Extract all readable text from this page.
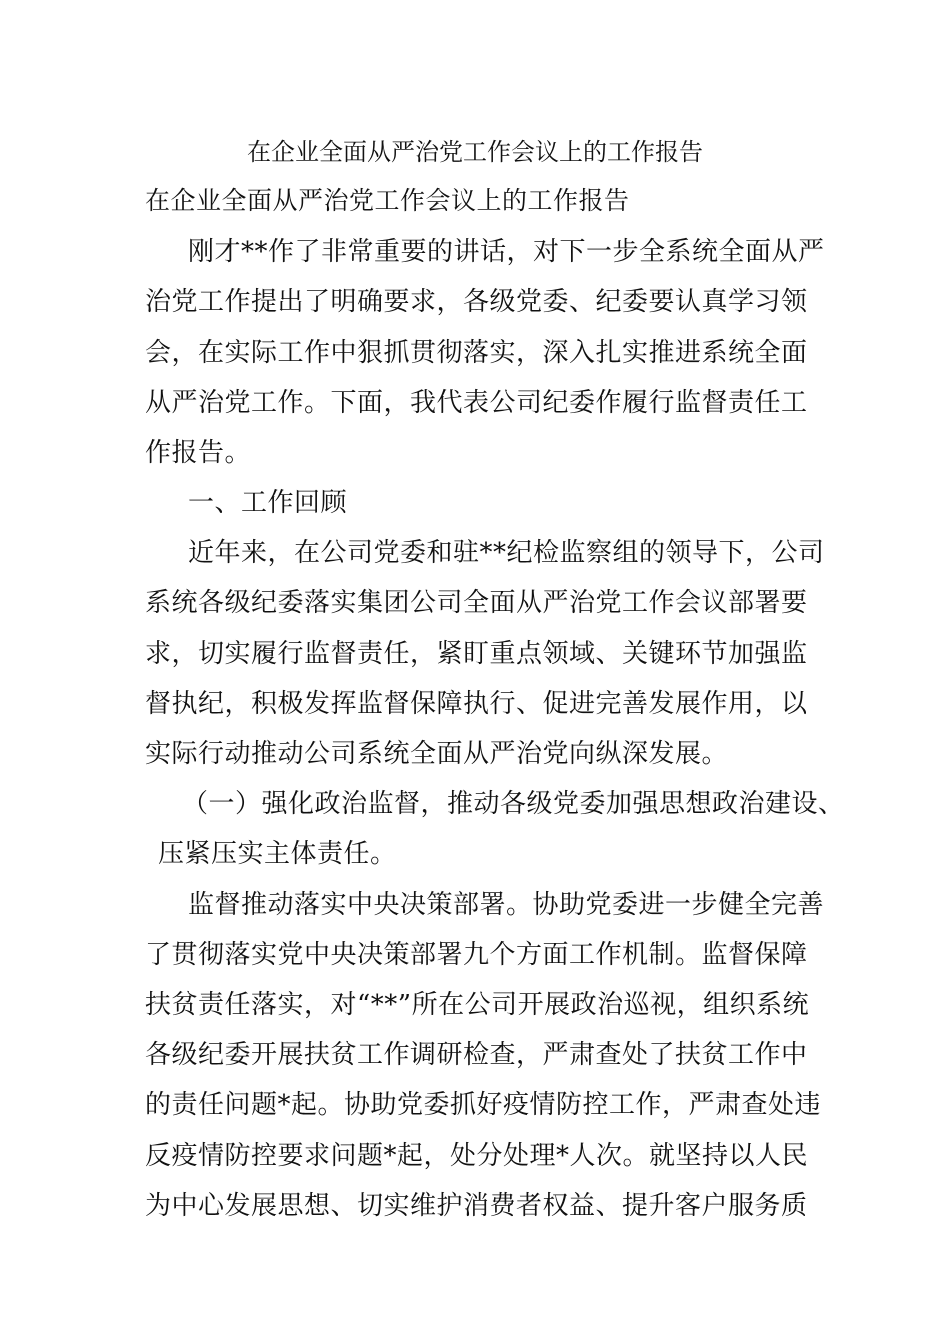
在企业全面从严治党工作会议上的工作报告
在企业全面从严治党工作会议上的工作报告
刚才**作了非常重要的讲话，对下一步全系统全面从严
治党工作提出了明确要求，各级党委、纪委要认真学习领
会，在实际工作中狠抓贯彻落实，深入扎实推进系统全面
从严治党工作。下面，我代表公司纪委作履行监督责任工
作报告。
一、工作回顾
近年来，在公司党委和驻**纪检监察组的领导下，公司
系统各级纪委落实集团公司全面从严治党工作会议部署要
求，切实履行监督责任，紧盯重点领域、关键环节加强监
督执纪，积极发挥监督保障执行、促进完善发展作用，以
实际行动推动公司系统全面从严治党向纵深发展。
（一）强化政治监督，推动各级党委加强思想政治建设、
压紧压实主体责任。
监督推动落实中央决策部署。协助党委进一步健全完善
了贯彻落实党中央决策部署九个方面工作机制。监督保障
扶贫责任落实，对“**”所在公司开展政治巡视，组织系统
各级纪委开展扶贫工作调研检查，严肃查处了扶贫工作中
的责任问题*起。协助党委抓好疫情防控工作，严肃查处违
反疫情防控要求问题*起，处分处理*人次。就坚持以人民
为中心发展思想、切实维护消费者权益、提升客户服务质
